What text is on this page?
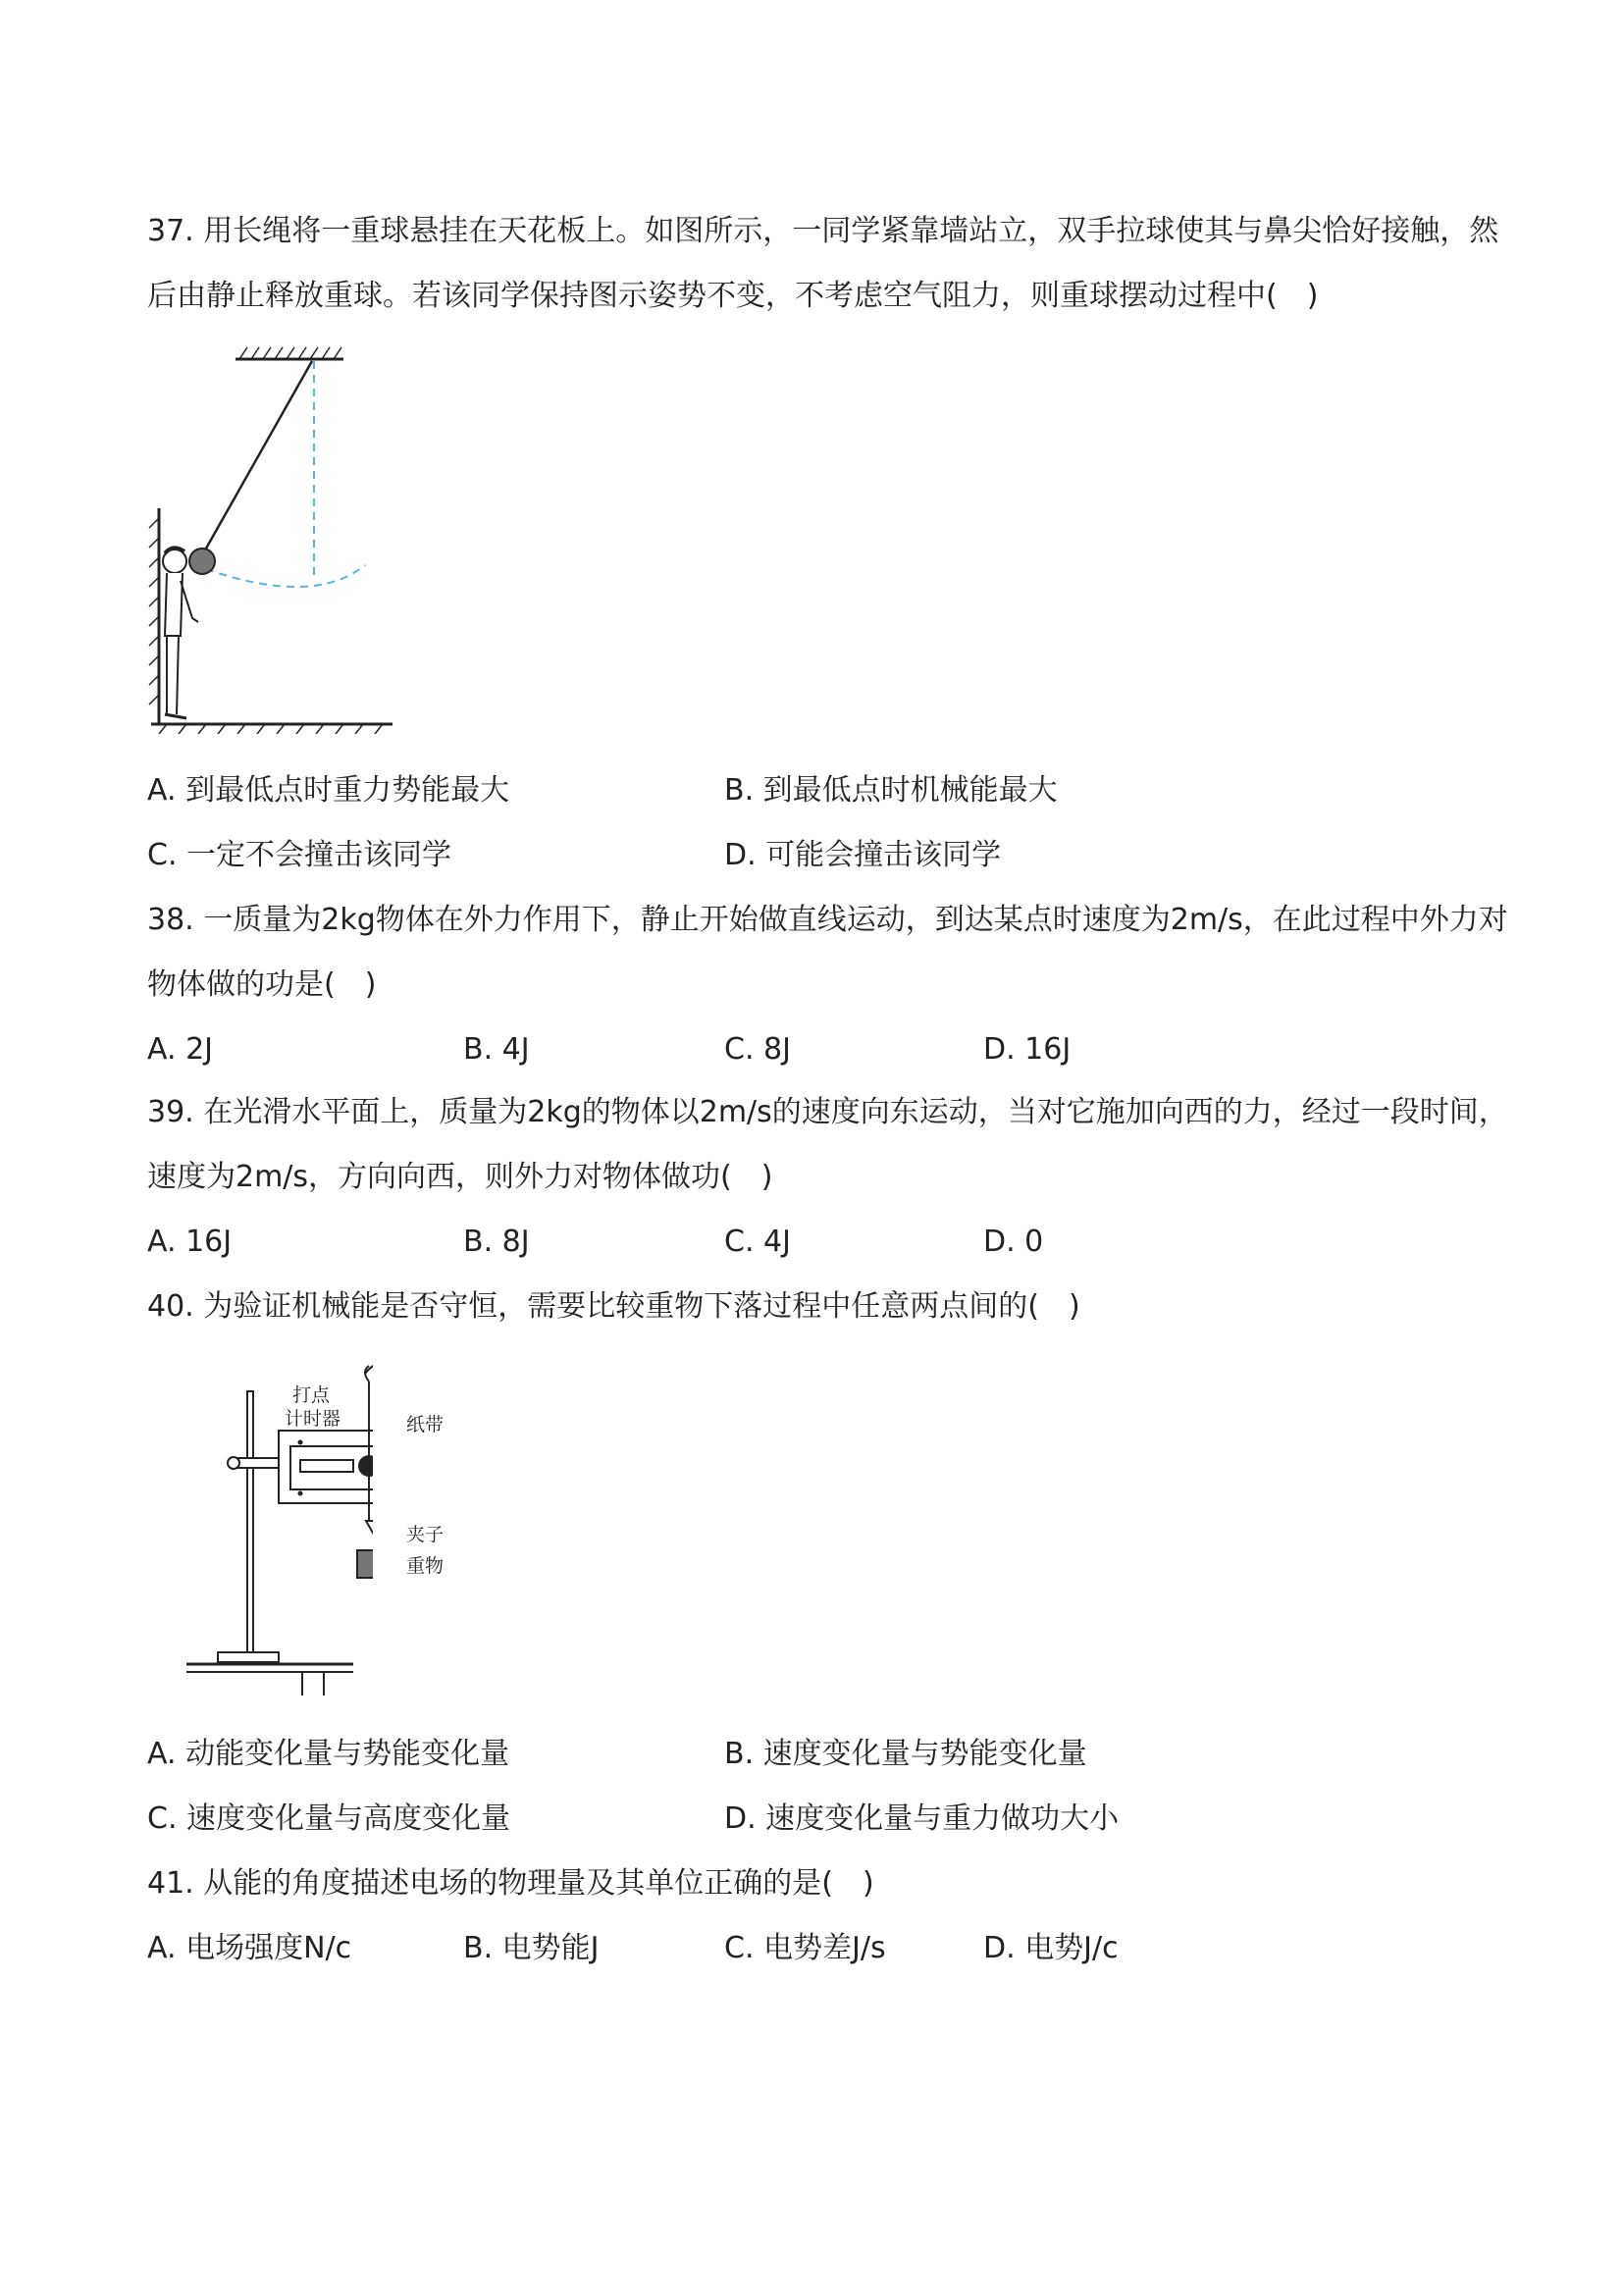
37. 用长绳将一重球悬挂在天花板上。如图所示，一同学紧靠墙站立，双手拉球使其与鼻尖恰好接触，然
后由静止释放重球。若该同学保持图示姿势不变，不考虑空气阻力，则重球摆动过程中(　)
A. 到最低点时重力势能最大	B. 到最低点时机械能最大
C. 一定不会撞击该同学	D. 可能会撞击该同学
38. 一质量为2kg物体在外力作用下，静止开始做直线运动，到达某点时速度为2m/s，在此过程中外力对
物体做的功是(　)
A. 2J	B. 4J	C. 8J	D. 16J
39. 在光滑水平面上，质量为2kg的物体以2m/s的速度向东运动，当对它施加向西的力，经过一段时间，
速度为2m/s，方向向西，则外力对物体做功(　)
A. 16J	B. 8J	C. 4J	D. 0
40. 为验证机械能是否守恒，需要比较重物下落过程中任意两点间的(　)
打点
计时器	纸带
夹子
重物
A. 动能变化量与势能变化量	B. 速度变化量与势能变化量
C. 速度变化量与高度变化量	D. 速度变化量与重力做功大小
41. 从能的角度描述电场的物理量及其单位正确的是(　)
A. 电场强度N/c	B. 电势能J	C. 电势差J/s	D. 电势J/c
